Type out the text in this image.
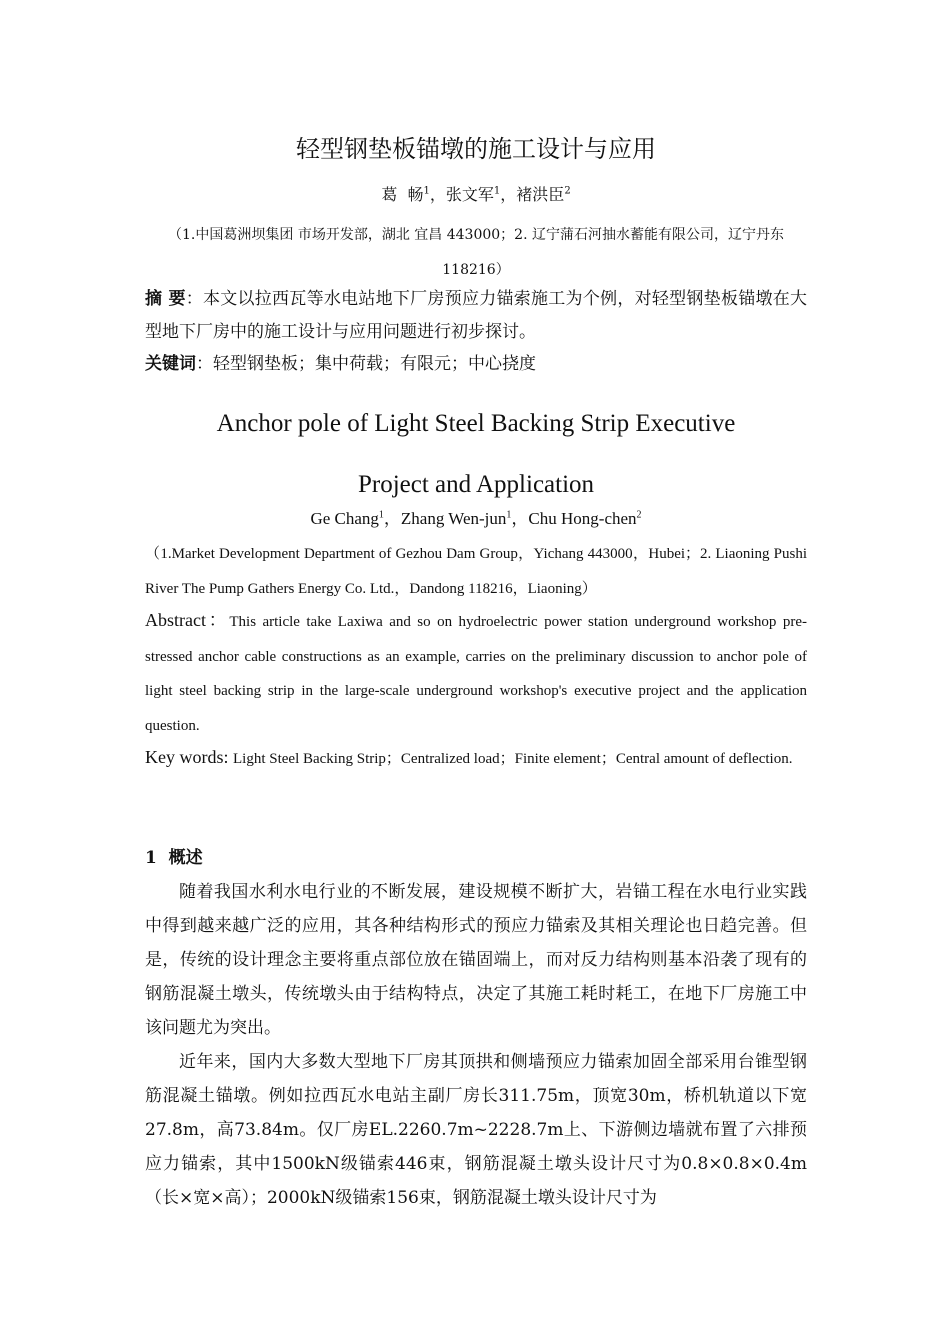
轻型钢垫板锚墩的施工设计与应用
葛  畅$^1$，张文军$^1$，褚洪臣$^2$
（1.中国葛洲坝集团 市场开发部，湖北 宜昌 443000；2. 辽宁蒲石河抽水蓄能有限公司，辽宁丹东 118216）
摘 要：本文以拉西瓦等水电站地下厂房预应力锚索施工为个例，对轻型钢垫板锚墩在大型地下厂房中的施工设计与应用问题进行初步探讨。
关键词：轻型钢垫板；集中荷载；有限元；中心挠度
Anchor pole of Light Steel Backing Strip Executive
Project and Application
Ge Chang$^1$，Zhang Wen-jun$^1$，Chu Hong-chen$^2$
（1.Market Development Department of Gezhou Dam Group，Yichang 443000，Hubei；2. Liaoning Pushi River The Pump Gathers Energy Co. Ltd.，Dandong 118216，Liaoning）
Abstract：This article take Laxiwa and so on hydroelectric power station underground workshop pre-stressed anchor cable constructions as an example, carries on the preliminary discussion to anchor pole of light steel backing strip in the large-scale underground workshop's executive project and the application question.
Key words: Light Steel Backing Strip；Centralized load；Finite element；Central amount of deflection.
1  概述
随着我国水利水电行业的不断发展，建设规模不断扩大，岩锚工程在水电行业实践中得到越来越广泛的应用，其各种结构形式的预应力锚索及其相关理论也日趋完善。但是，传统的设计理念主要将重点部位放在锚固端上，而对反力结构则基本沿袭了现有的钢筋混凝土墩头，传统墩头由于结构特点，决定了其施工耗时耗工，在地下厂房施工中该问题尤为突出。
近年来，国内大多数大型地下厂房其顶拱和侧墙预应力锚索加固全部采用台锥型钢筋混凝土锚墩。例如拉西瓦水电站主副厂房长311.75m，顶宽30m，桥机轨道以下宽27.8m，高73.84m。仅厂房EL.2260.7m~2228.7m上、下游侧边墙就布置了六排预应力锚索，其中1500kN级锚索446束，钢筋混凝土墩头设计尺寸为0.8×0.8×0.4m（长×宽×高）；2000kN级锚索156束，钢筋混凝土墩头设计尺寸为
